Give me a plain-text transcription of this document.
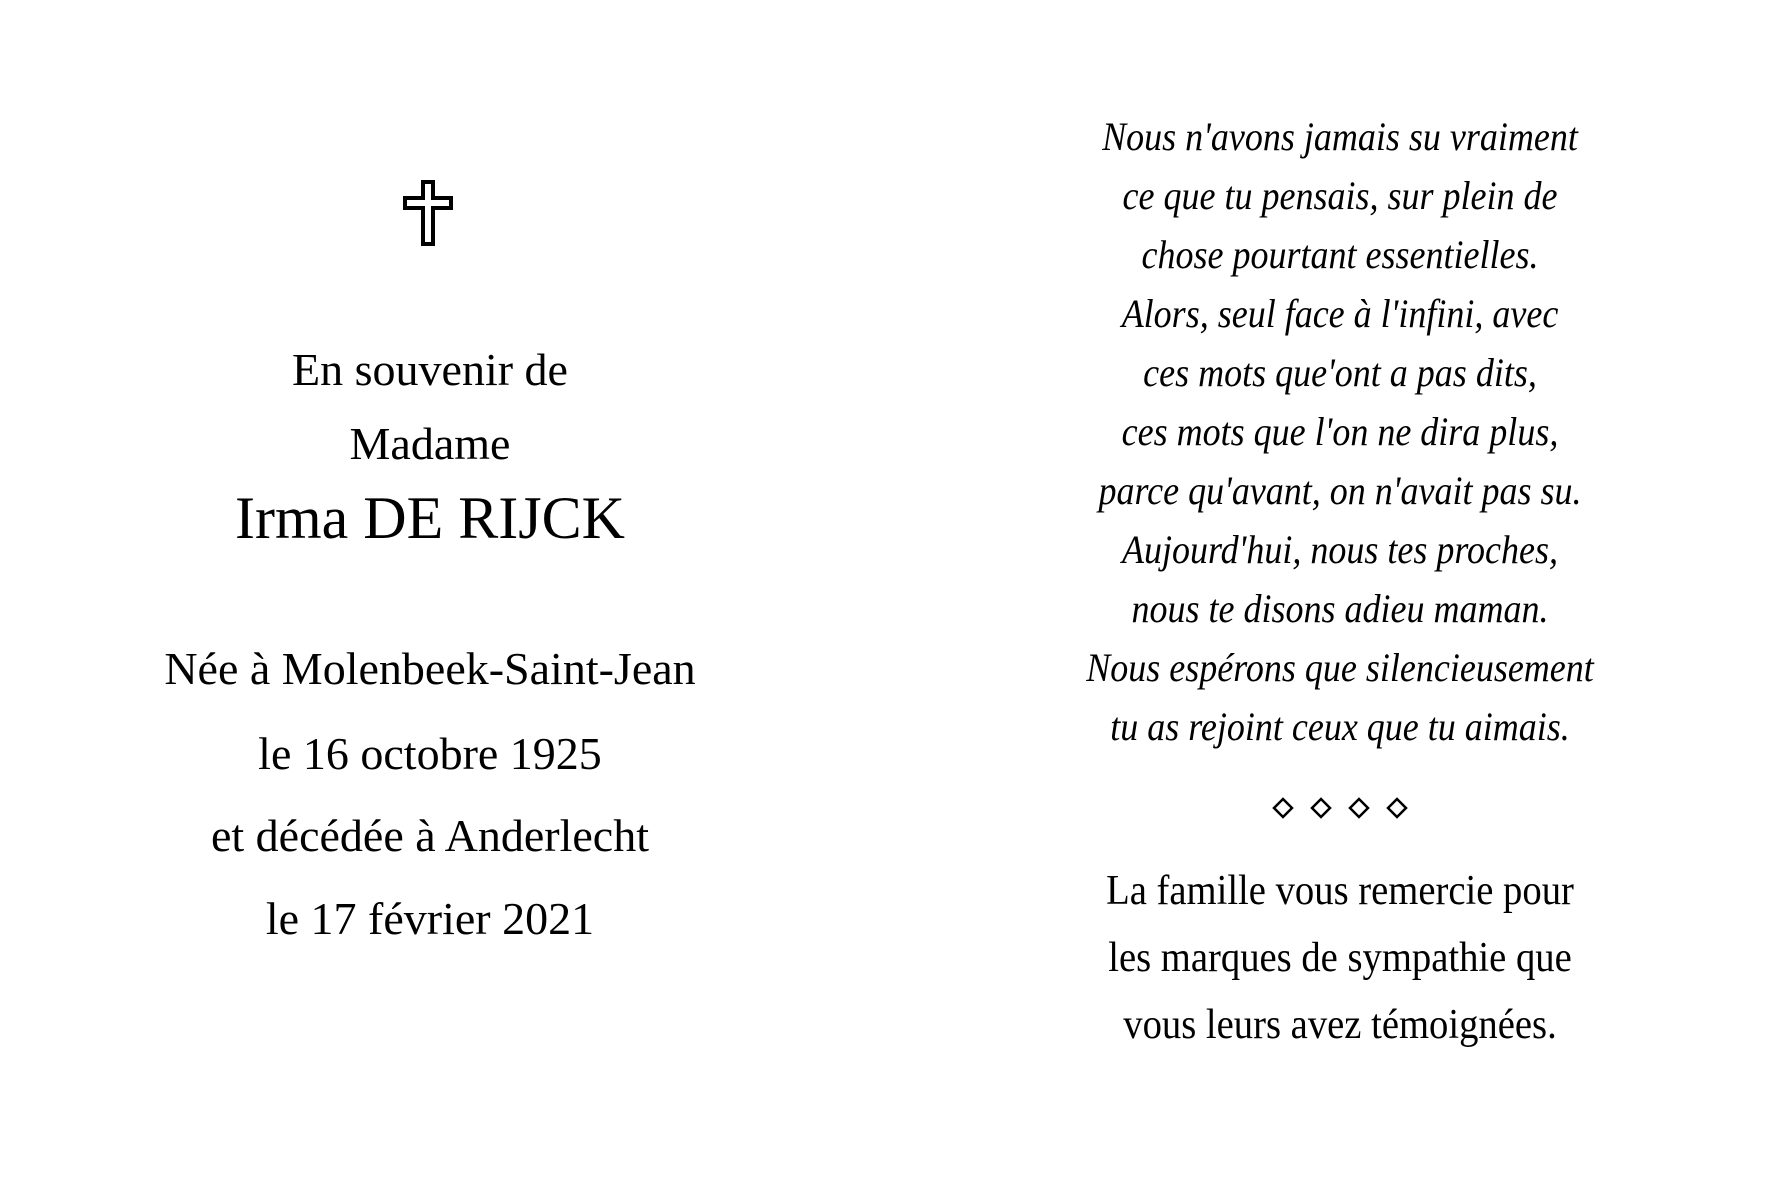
En souvenir de
Madame
Irma DE RIJCK
Née à Molenbeek-Saint-Jean
le 16 octobre 1925
et décédée à Anderlecht
le 17 février 2021
Nous n'avons jamais su vraiment
ce que tu pensais, sur plein de
chose pourtant essentielles.
Alors, seul face à l'infini, avec
ces mots que'ont a pas dits,
ces mots que l'on ne dira plus,
parce qu'avant, on n'avait pas su.
Aujourd'hui, nous tes proches,
nous te disons adieu maman.
Nous espérons que silencieusement
tu as rejoint ceux que tu aimais.
La famille vous remercie pour
les marques de sympathie que
vous leurs avez témoignées.
